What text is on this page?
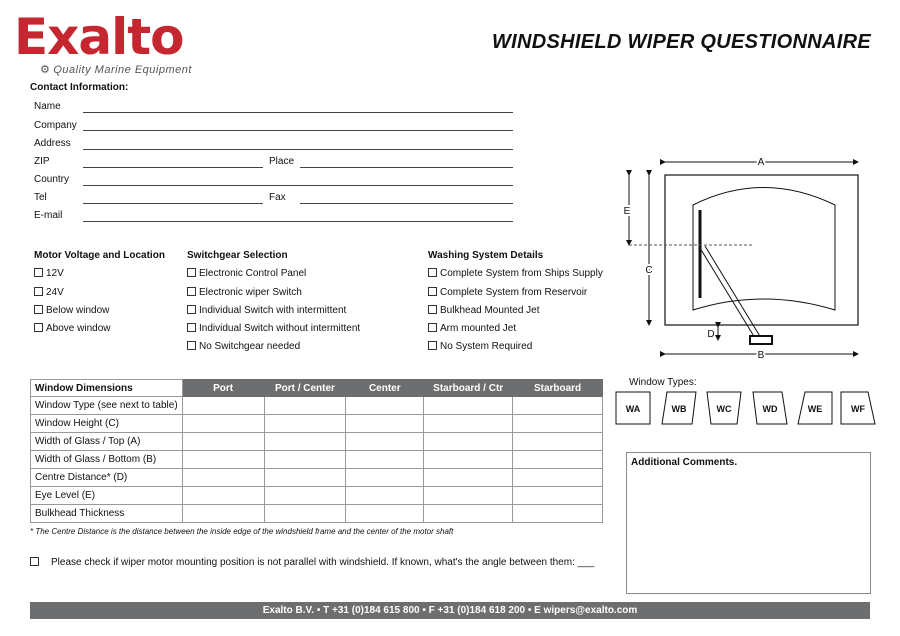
Exalto
⚙ Quality Marine Equipment
WINDSHIELD WIPER QUESTIONNAIRE
Contact Information:
Name
Company
Address
ZIP	Place
Country
Tel	Fax
E-mail
Motor Voltage and Location
12V
24V
Below window
Above window
Switchgear Selection
Electronic Control Panel
Electronic wiper Switch
Individual Switch with intermittent
Individual Switch without intermittent
No Switchgear needed
Washing System Details
Complete System from Ships Supply
Complete System from Reservoir
Bulkhead Mounted Jet
Arm mounted Jet
No System Required
A
B
C
D
E
Window Types:
WA	WB	WC	WD	WE	WF
Window Dimensions	Port	Port / Center	Center	Starboard / Ctr	Starboard
Window Type (see next to table)					
Window Height (C)					
Width of Glass / Top (A)					
Width of Glass / Bottom (B)					
Centre Distance* (D)					
Eye Level (E)					
Bulkhead Thickness					
* The Centre Distance is the distance between the inside edge of the windshield frame and the center of the motor shaft
Please check if wiper motor mounting position is not parallel with windshield. If known, what's the angle between them: ___
Additional Comments.
Exalto B.V. • T +31 (0)184 615 800 • F +31 (0)184 618 200 • E wipers@exalto.com
